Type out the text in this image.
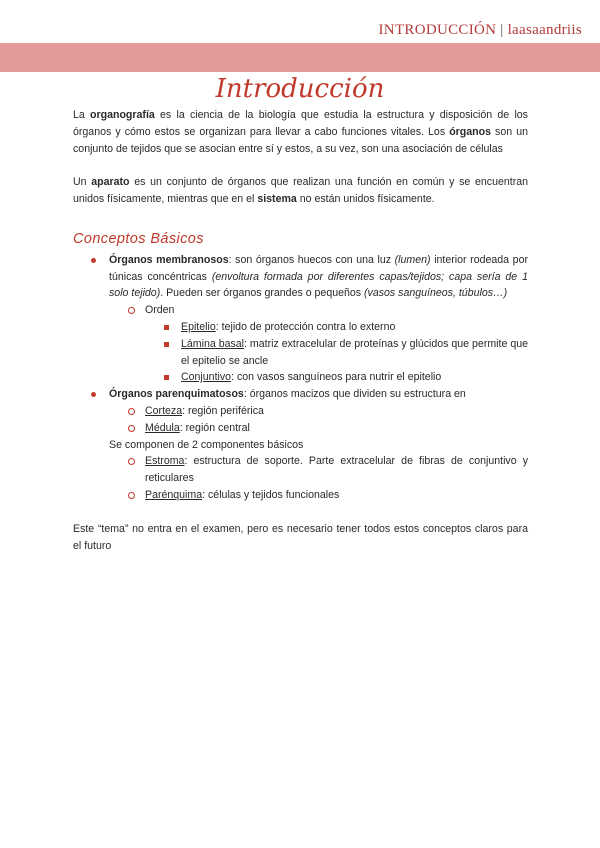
INTRODUCCIÓN | laasaandriis
Introducción

La organografía es la ciencia de la biología que estudia la estructura y disposición de los órganos y cómo estos se organizan para llevar a cabo funciones vitales. Los órganos son un conjunto de tejidos que se asocian entre sí y estos, a su vez, son una asociación de células

Un aparato es un conjunto de órganos que realizan una función en común y se encuentran unidos físicamente, mientras que en el sistema no están unidos físicamente.

Conceptos Básicos
Órganos membranosos: son órganos huecos con una luz (lumen) interior rodeada por túnicas concéntricas (envoltura formada por diferentes capas/tejidos; capa sería de 1 solo tejido). Pueden ser órganos grandes o pequeños (vasos sanguíneos, túbulos…)
Orden
Epitelio: tejido de protección contra lo externo
Lámina basal: matriz extracelular de proteínas y glúcidos que permite que el epitelio se ancle
Conjuntivo: con vasos sanguíneos para nutrir el epitelio
Órganos parenquimatosos: órganos macizos que dividen su estructura en
Corteza: región periférica
Médula: región central
Se componen de 2 componentes básicos
Estroma: estructura de soporte. Parte extracelular de fibras de conjuntivo y reticulares
Parénquima: células y tejidos funcionales

Este “tema” no entra en el examen, pero es necesario tener todos estos conceptos claros para el futuro
